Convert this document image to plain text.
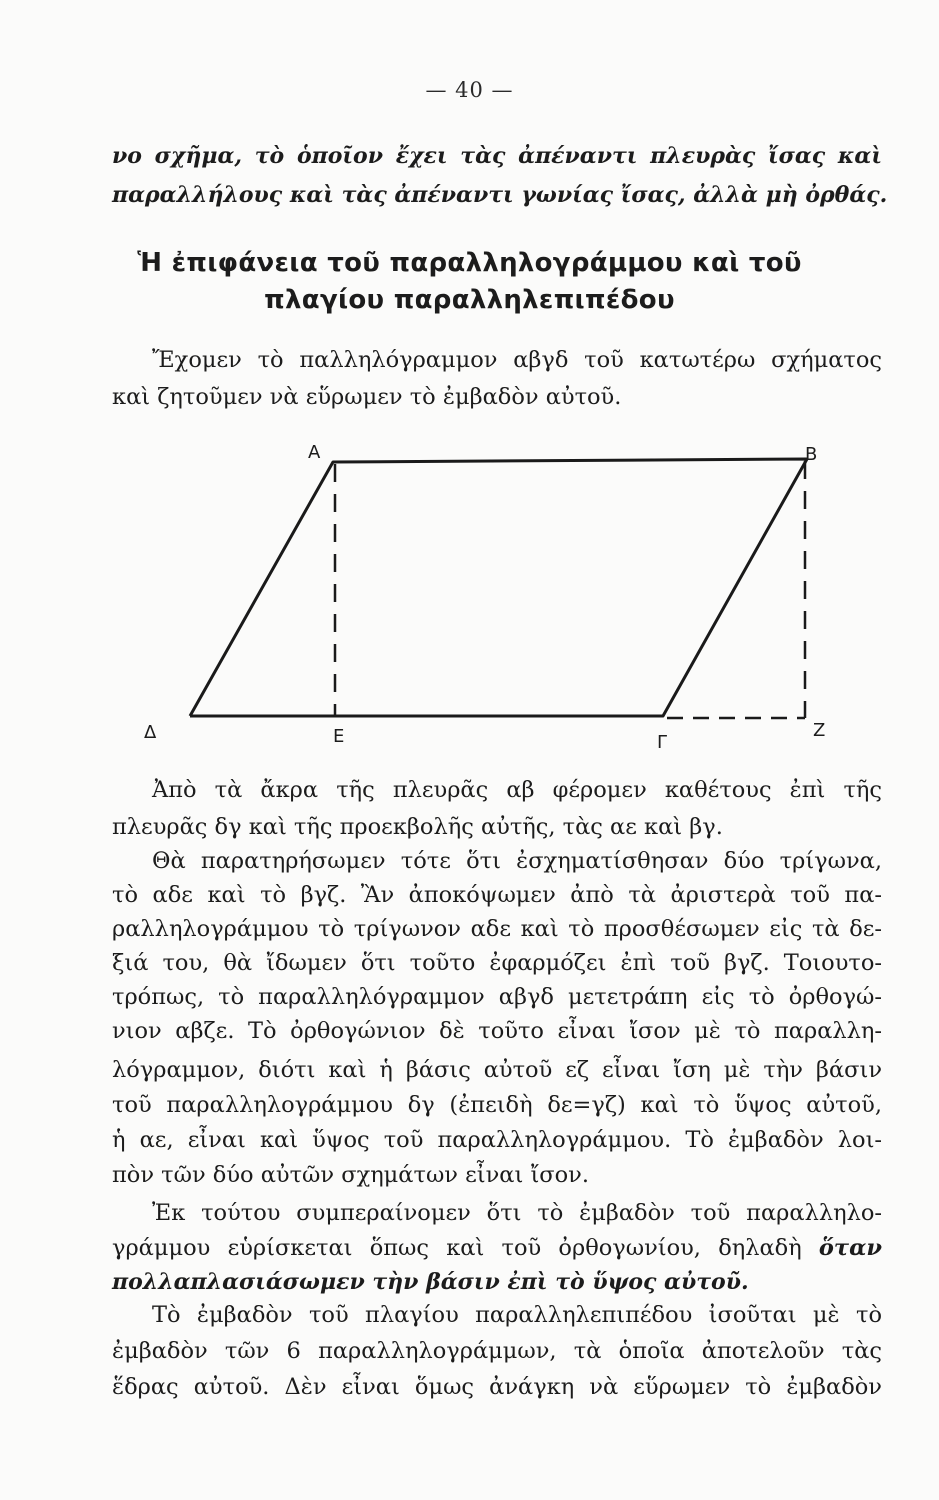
— 40 —
νο σχῆμα, τὸ ὁποῖον ἔχει τὰς ἀπέναντι πλευρὰς ἴσας καὶ
παραλλήλους καὶ τὰς ἀπέναντι γωνίας ἴσας, ἀλλὰ μὴ ὀρθάς.
Ἡ ἐπιφάνεια τοῦ παραλληλογράμμου καὶ τοῦ
πλαγίου παραλληλεπιπέδου
Ἔχομεν τὸ παλληλόγραμμον αβγδ τοῦ κατωτέρω σχήματος
καὶ ζητοῦμεν νὰ εὕρωμεν τὸ ἐμβαδὸν αὐτοῦ.
A	B
Δ	E	Γ
Z
Ἀπὸ τὰ ἄκρα τῆς πλευρᾶς αβ φέρομεν καθέτους ἐπὶ τῆς
πλευρᾶς δγ καὶ τῆς προεκβολῆς αὐτῆς, τὰς αε καὶ βγ.
Θὰ παρατηρήσωμεν τότε ὅτι ἐσχηματίσθησαν δύο τρίγωνα,
τὸ αδε καὶ τὸ βγζ. Ἂν ἀποκόψωμεν ἀπὸ τὰ ἀριστερὰ τοῦ πα-
ραλληλογράμμου τὸ τρίγωνον αδε καὶ τὸ προσθέσωμεν εἰς τὰ δε-
ξιά του, θὰ ἴδωμεν ὅτι τοῦτο ἐφαρμόζει ἐπὶ τοῦ βγζ. Τοιουτο-
τρόπως, τὸ παραλληλόγραμμον αβγδ μετετράπη εἰς τὸ ὀρθογώ-
νιον αβζε. Τὸ ὀρθογώνιον δὲ τοῦτο εἶναι ἴσον μὲ τὸ παραλλη-
λόγραμμον, διότι καὶ ἡ βάσις αὐτοῦ εζ εἶναι ἴση μὲ τὴν βάσιν
τοῦ παραλληλογράμμου δγ (ἐπειδὴ δε=γζ) καὶ τὸ ὕψος αὐτοῦ,
ἡ αε, εἶναι καὶ ὕψος τοῦ παραλληλογράμμου. Τὸ ἐμβαδὸν λοι-
πὸν τῶν δύο αὐτῶν σχημάτων εἶναι ἴσον.
Ἐκ τούτου συμπεραίνομεν ὅτι τὸ ἐμβαδὸν τοῦ παραλληλο-
γράμμου εὑρίσκεται ὅπως καὶ τοῦ ὀρθογωνίου, δηλαδὴ ὅταν
πολλαπλασιάσωμεν τὴν βάσιν ἐπὶ τὸ ὕψος αὐτοῦ.
Τὸ ἐμβαδὸν τοῦ πλαγίου παραλληλεπιπέδου ἰσοῦται μὲ τὸ
ἐμβαδὸν τῶν 6 παραλληλογράμμων, τὰ ὁποῖα ἀποτελοῦν τὰς
ἕδρας αὐτοῦ. Δὲν εἶναι ὅμως ἀνάγκη νὰ εὕρωμεν τὸ ἐμβαδὸν
